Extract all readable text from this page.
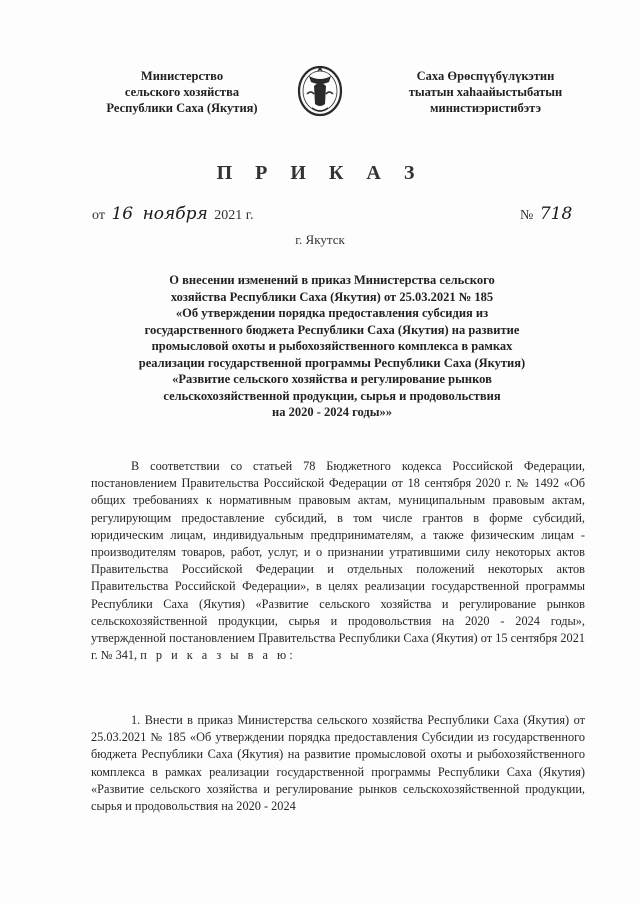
Министерство
сельского хозяйства
Республики Саха (Якутия)
Саха Өрөспүүбүлүкэтин
тыатын хаһаайыстыбатын
министиэристибэтэ
П Р И К А З
от 16 ноября 2021 г.	№ 718
г. Якутск
О внесении изменений в приказ Министерства сельского
хозяйства Республики Саха (Якутия) от 25.03.2021 № 185
«Об утверждении порядка предоставления субсидия из
государственного бюджета Республики Саха (Якутия) на развитие
промысловой охоты и рыбохозяйственного комплекса в рамках
реализации государственной программы Республики Саха (Якутия)
«Развитие сельского хозяйства и регулирование рынков
сельскохозяйственной продукции, сырья и продовольствия
на 2020 - 2024 годы»»
В соответствии со статьей 78 Бюджетного кодекса Российской Федерации, постановлением Правительства Российской Федерации от 18 сентября 2020 г. № 1492 «Об общих требованиях к нормативным правовым актам, муниципальным правовым актам, регулирующим предоставление субсидий, в том числе грантов в форме субсидий, юридическим лицам, индивидуальным предпринимателям, а также физическим лицам - производителям товаров, работ, услуг, и о признании утратившими силу некоторых актов Правительства Российской Федерации и отдельных положений некоторых актов Правительства Российской Федерации», в целях реализации государственной программы Республики Саха (Якутия) «Развитие сельского хозяйства и регулирование рынков сельскохозяйственной продукции, сырья и продовольствия на 2020 - 2024 годы», утвержденной постановлением Правительства Республики Саха (Якутия) от 15 сентября 2021 г. № 341, п р и к а з ы в а ю:
1. Внести в приказ Министерства сельского хозяйства Республики Саха (Якутия) от 25.03.2021 № 185 «Об утверждении порядка предоставления Субсидии из государственного бюджета Республики Саха (Якутия) на развитие промысловой охоты и рыбохозяйственного комплекса в рамках реализации государственной программы Республики Саха (Якутия) «Развитие сельского хозяйства и регулирование рынков сельскохозяйственной продукции, сырья и продовольствия на 2020 - 2024
